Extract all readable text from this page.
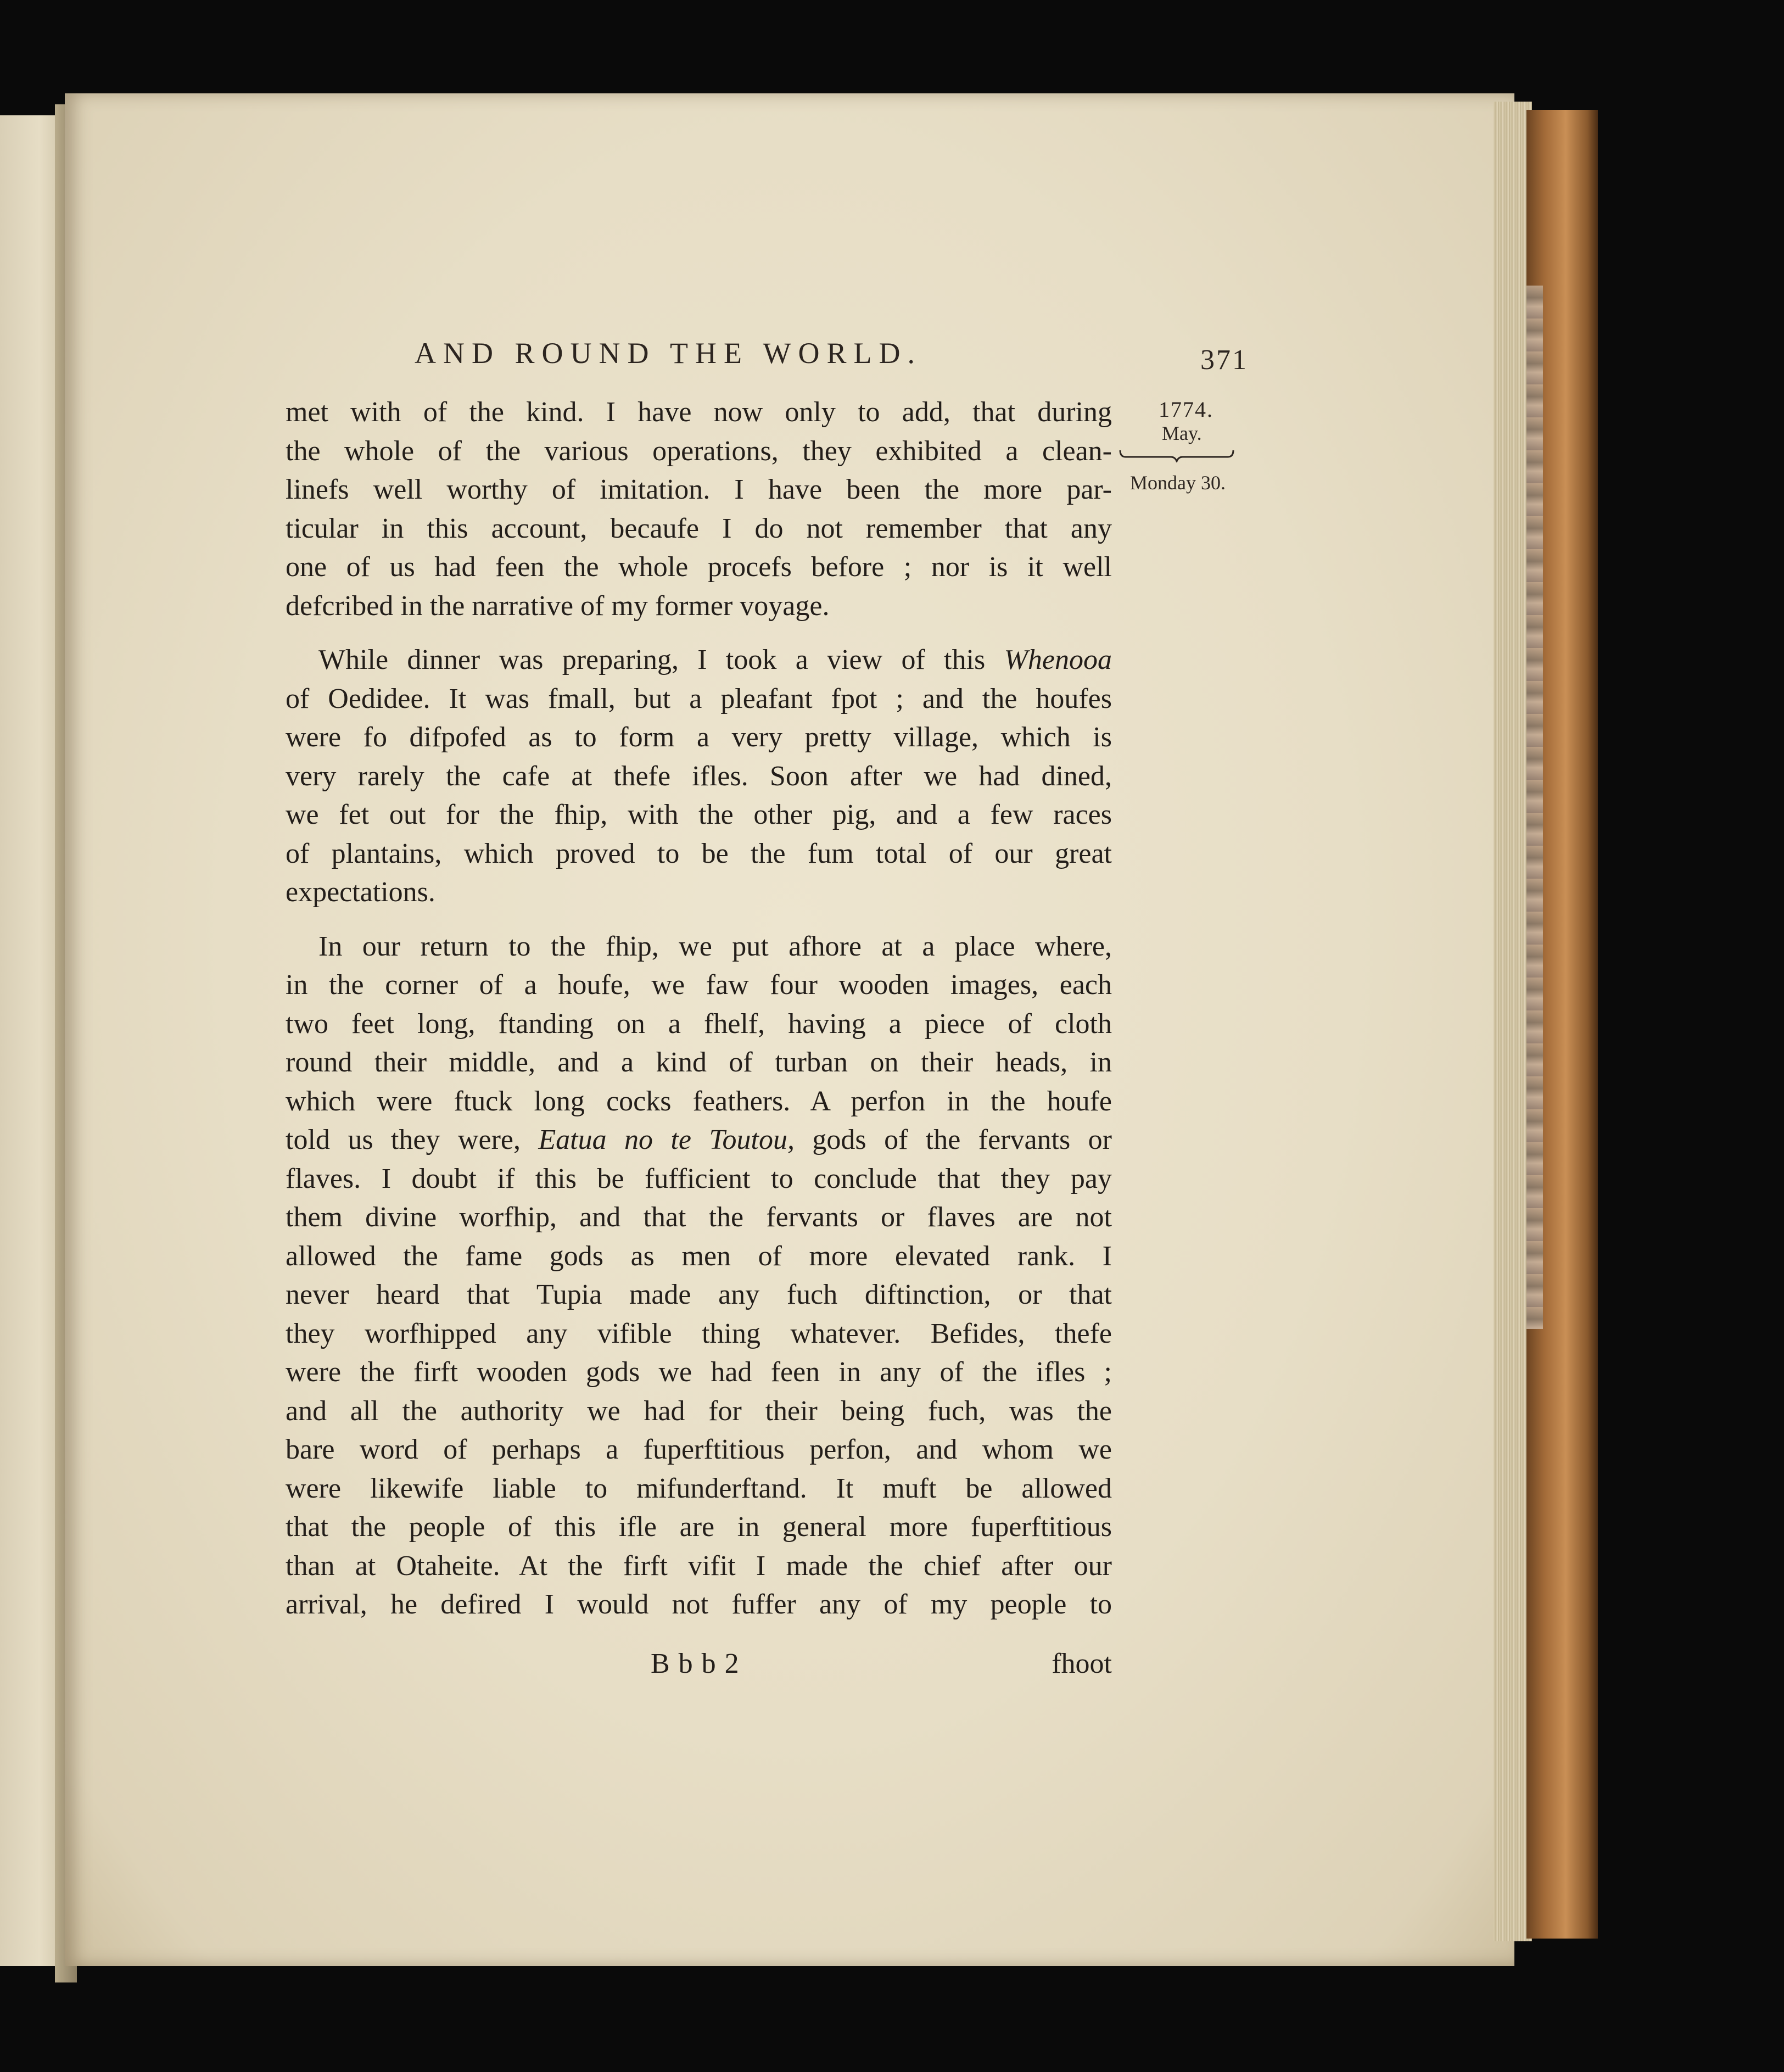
AND ROUND THE WORLD.	371
1774.
May.
Monday 30.
met with of the kind. I have now only to add, that during
the whole of the various operations, they exhibited a clean-
linefs well worthy of imitation. I have been the more par-
ticular in this account, becaufe I do not remember that any
one of us had feen the whole procefs before ; nor is it well
defcribed in the narrative of my former voyage.
While dinner was preparing, I took a view of this Whenooa
of Oedidee. It was fmall, but a pleafant fpot ; and the houfes
were fo difpofed as to form a very pretty village, which is
very rarely the cafe at thefe ifles. Soon after we had dined,
we fet out for the fhip, with the other pig, and a few races
of plantains, which proved to be the fum total of our great
expectations.
In our return to the fhip, we put afhore at a place where,
in the corner of a houfe, we faw four wooden images, each
two feet long, ftanding on a fhelf, having a piece of cloth
round their middle, and a kind of turban on their heads, in
which were ftuck long cocks feathers. A perfon in the houfe
told us they were, Eatua no te Toutou, gods of the fervants or
flaves. I doubt if this be fufficient to conclude that they pay
them divine worfhip, and that the fervants or flaves are not
allowed the fame gods as men of more elevated rank. I
never heard that Tupia made any fuch diftinction, or that
they worfhipped any vifible thing whatever. Befides, thefe
were the firft wooden gods we had feen in any of the ifles ;
and all the authority we had for their being fuch, was the
bare word of perhaps a fuperftitious perfon, and whom we
were likewife liable to mifunderftand. It muft be allowed
that the people of this ifle are in general more fuperftitious
than at Otaheite. At the firft vifit I made the chief after our
arrival, he defired I would not fuffer any of my people to
Bbb2	fhoot
